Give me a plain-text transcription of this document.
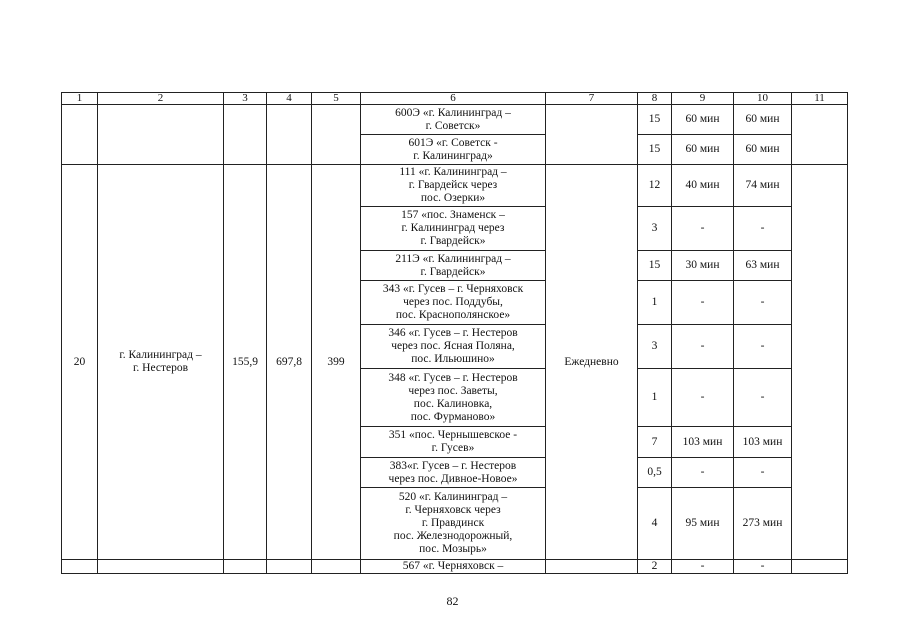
1	2	3	4	5	6	7	8	9	10	11
					600Э «г. Калининград –
г. Советск»		15	60 мин	60 мин	
					601Э «г. Советск -
г. Калининград»		15	60 мин	60 мин	
20	г. Калининград –
г. Нестеров	155,9	697,8	399	111 «г. Калининград –
г. Гвардейск через
пос. Озерки»	Ежедневно	12	40 мин	74 мин	
					157 «пос. Знаменск –
г. Калининград через
г. Гвардейск»		3	-	-	
					211Э «г. Калининград –
г. Гвардейск»		15	30 мин	63 мин	
					343 «г. Гусев – г. Черняховск
через пос. Поддубы,
пос. Краснополянское»		1	-	-	
					346 «г. Гусев – г. Нестеров
через пос. Ясная Поляна,
пос. Ильюшино»		3	-	-	
					348 «г. Гусев – г. Нестеров
через пос. Заветы,
пос. Калиновка,
пос. Фурманово»		1	-	-	
					351 «пос. Чернышевское -
г. Гусев»		7	103 мин	103 мин	
					383«г. Гусев – г. Нестеров
через пос. Дивное-Новое»		0,5	-	-	
					520 «г. Калининград –
г. Черняховск через
г. Правдинск
пос. Железнодорожный,
пос. Мозырь»		4	95 мин	273 мин	
					567 «г. Черняховск –		2	-	-	
82
